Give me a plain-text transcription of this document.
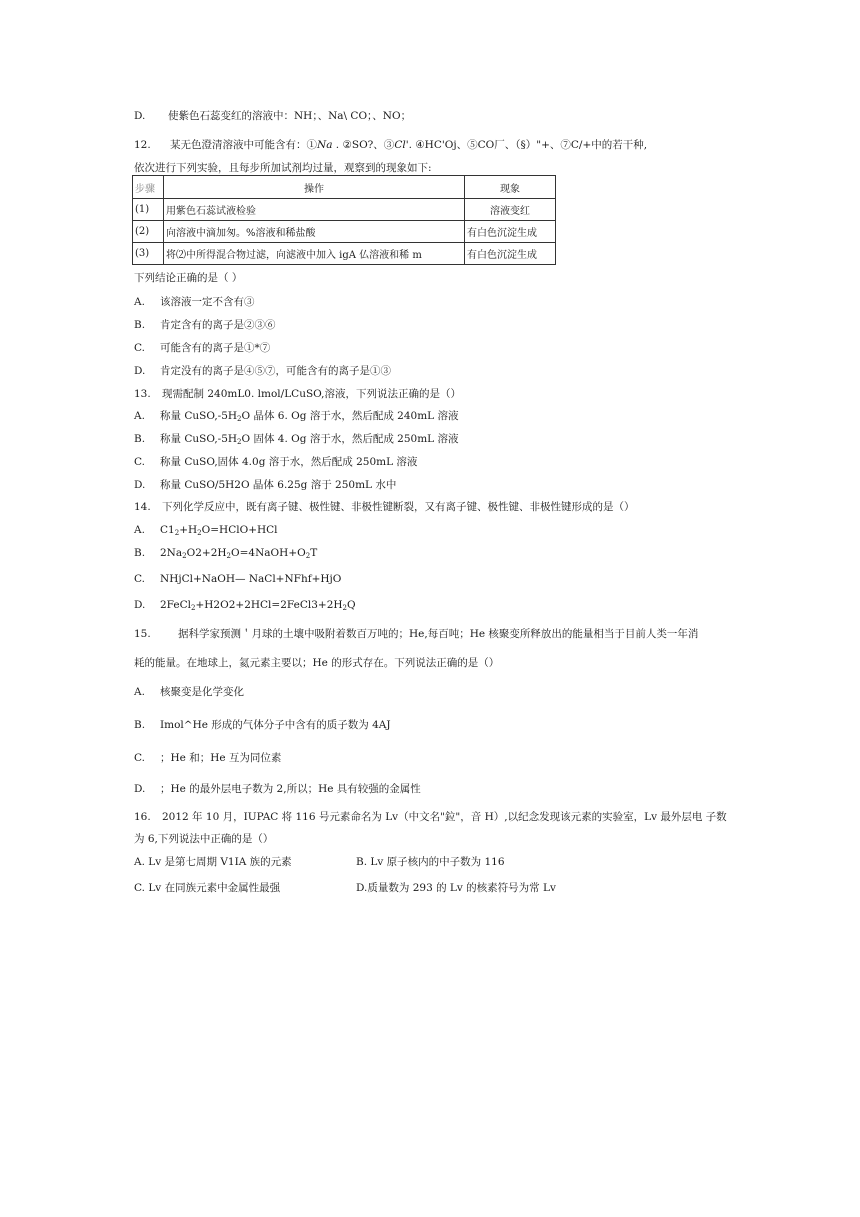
D. 使紫色石蕊变红的溶液中：NH；、Na\ CO；、NO；
12. 某无色澄清溶液中可能含有：①Na . ②SO?、③Cl'. ④HC'Oj、⑤CO厂、（§）"+、⑦C/+中的若干种,
依次进行下列实验，且每步所加试剂均过量，观察到的现象如下:
步骤	操作	现象
(1)	用紫色石蕊试液检验	溶液变红
(2)	向溶液中滴加匆。%溶液和稀盐酸	有白色沉淀生成
(3)	将⑵中所得混合物过滤，向滤液中加入 igA 仏溶液和稀 m	有白色沉淀生成
下列结论正确的是（ ）
A. 该溶液一定不含有③
B. 肯定含有的离子是②③⑥
C. 可能含有的离子是①*⑦
D. 肯定没有的离子是④⑤⑦，可能含有的离子是①③
13. 现需配制 240mL0. lmol/LCuSO,溶液，下列说法正确的是（）
A. 称量 $CuSO,-5H_2O$ 晶体 6. Og 溶于水，然后配成 240mL 溶液
B. 称量 $CuSO,-5H_2O$ 固体 4. Og 溶于水，然后配成 250mL 溶液
C. 称量 CuSO,固体 4.0g 溶于水，然后配成 250mL 溶液
D. 称量 CuSO/5H2O 晶体 6.25g 溶于 250mL 水中
14. 下列化学反应中，既有离子键、极性键、非极性键断裂，又有离子键、极性键、非极性键形成的是（）
A. $C1_2+H_2O=HClO+HCl$
B. $2Na_2O2+2H_2O=4NaOH+O_2T$
C. NHjCl+NaOH— NaCl+NFhf+HjO
D. $2FeCl_2+H2O2+2HCl=2FeCl3+2H_2Q$
15.	据科学家预测＇月球的土壤中吸附着数百万吨的；He,每百吨；He 核聚变所释放出的能量相当于目前人类一年消
耗的能量。在地球上，氦元素主要以；He 的形式存在。下列说法正确的是（）
A. 核聚变是化学变化
B. Imol^He 形成的气体分子中含有的质子数为 4AJ
C. ；He 和；He 互为同位素
D. ；He 的最外层电子数为 2,所以；He 具有较强的金属性
16. 2012 年 10 月，IUPAC 将 116 号元素命名为 Lv（中文名"鉝"，音 H）,以纪念发现该元素的实验室，Lv 最外层电 子数
为 6,下列说法中正确的是（）
A. Lv 是第七周期 V1IA 族的元素	B. Lv 原子核内的中子数为 116
C. Lv 在同族元素中金属性最强	D.质量数为 293 的 Lv 的核素符号为常 Lv
